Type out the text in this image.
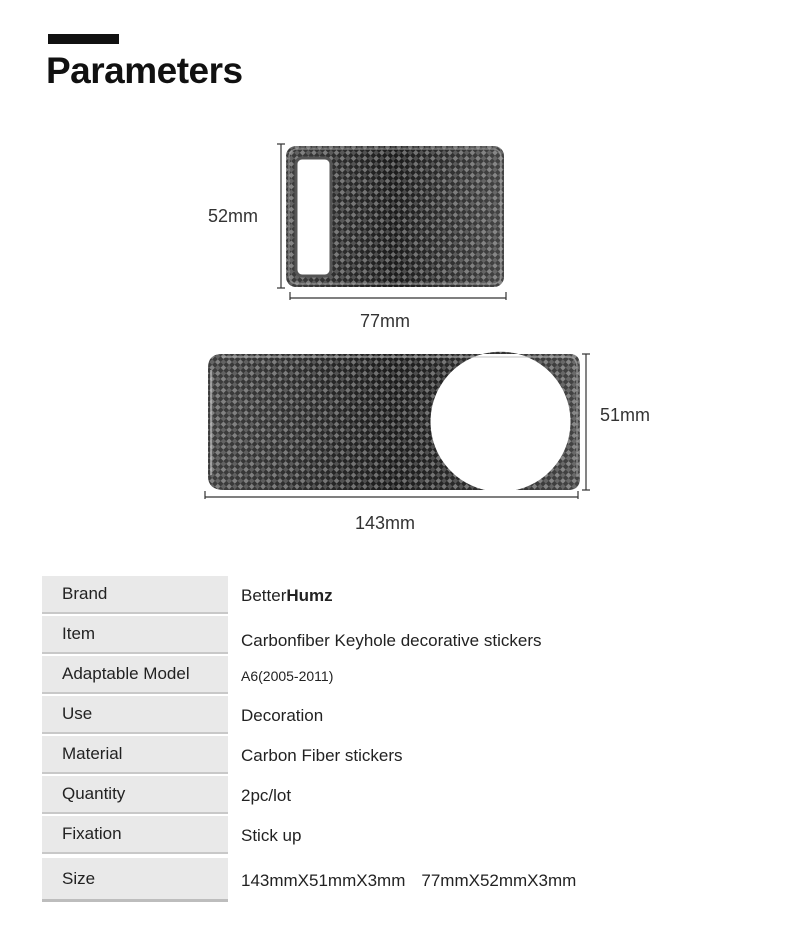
Parameters
52mm
77mm
51mm
143mm
Brand	Better Humz
Item	Carbonfiber Keyhole decorative stickers
Adaptable Model	A6(2005-2011)
Use	Decoration
Material	Carbon Fiber stickers
Quantity	2pc/lot
Fixation	Stick up
Size	143mmX51mmX3mm 77mmX52mmX3mm
